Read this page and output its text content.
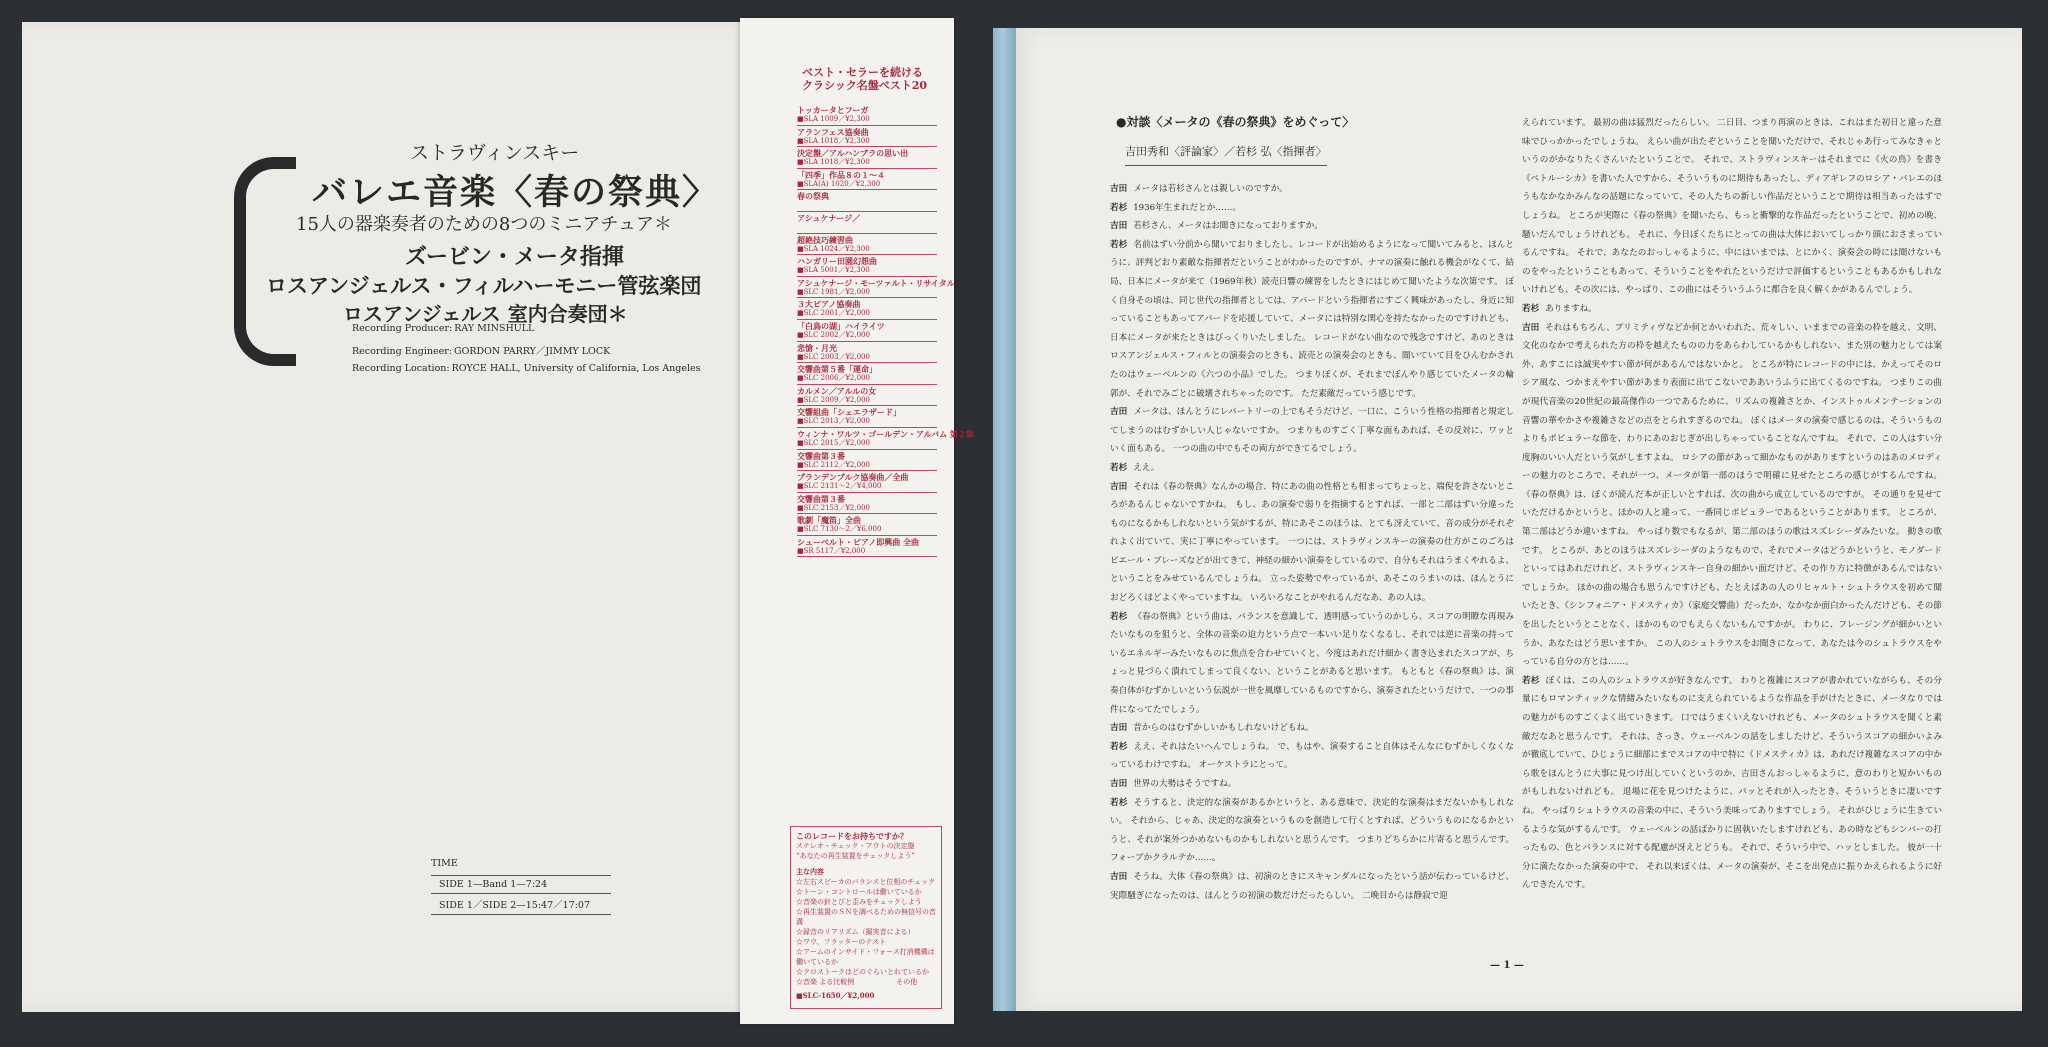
ストラヴィンスキー
バレエ音楽〈春の祭典〉
15人の器楽奏者のための8つのミニアチュア＊
ズービン・メータ指揮
ロスアンジェルス・フィルハーモニー管弦楽団
ロスアンジェルス 室内合奏団＊
Recording Producer: RAY MINSHULL
Recording Engineer: GORDON PARRY／JIMMY LOCK
Recording Location: ROYCE HALL, University of California, Los Angeles
TIME
SIDE 1—Band 1—7:24
SIDE 1／SIDE 2—15:47／17:07
ベスト・セラーを続ける
クラシック名盤ベスト20
トッカータとフーガ
■SLA 1009／¥2,300
アランフェス協奏曲
■SLA 1018／¥2,300
決定盤／アルハンブラの思い出
■SLA 1018／¥2,300
「四季」作品８の１〜４
■SLA(A) 1020／¥2,300
春の祭典
アシュケナージ／
超絶技巧練習曲
■SLA 1024／¥2,300
ハンガリー田園幻想曲
■SLA 5001／¥2,300
アシュケナージ・モーツァルト・リサイタル
■SLC 1981／¥2,000
３大ピアノ協奏曲
■SLC 2001／¥2,000
「白鳥の湖」ハイライツ
■SLC 2002／¥2,000
悲愴・月光
■SLC 2003／¥2,000
交響曲第５番「運命」
■SLC 2006／¥2,000
カルメン／アルルの女
■SLC 2009／¥2,000
交響組曲「シェエラザード」
■SLC 2013／¥2,000
ウィンナ・ワルツ・ゴールデン・アルバム 第２集
■SLC 2015／¥2,000
交響曲第３番
■SLC 2112／¥2,000
ブランデンブルク協奏曲／全曲
■SLC 2131〜2／¥4,000
交響曲第３番
■SLC 2153／¥2,000
歌劇「魔笛」全曲
■SLC 7130〜2／¥6,000
シューベルト・ピアノ即興曲 全曲
■SR 5117／¥2,000
このレコードをお持ちですか？
ステレオ・チェック・アウトの決定盤
“あなたの再生装置をチェックしよう”
主な内容
☆左右スピーカのバランスと位相のチェック
☆トーン・コントロールは働いているか
☆音楽の針とびと歪みをチェックしよう
☆再生装置のＳＮを調べるための無信号の音溝
☆録音のリアリズム（擬実音による）
☆ワウ、フラッターのテスト
☆アームのインサイド・フォース打消機構は働いているか
☆クロストークはどのぐらいとれているか
☆音楽 よる比較例　　　　　　その他
■SLC-1650／¥2,000
●対談〈メータの《春の祭典》をめぐって〉
吉田秀和〈評論家〉／若杉 弘〈指揮者〉

吉田 メータは若杉さんとは親しいのですか。

若杉 1936年生まれだとか……。

吉田 若杉さん、メータはお聞きになっておりますか。

若杉 名前はずい分前から聞いておりましたし、レコードが出始めるようになって聞いてみると、ほんとうに、評判どおり素敵な指揮者だということがわかったのですが、ナマの演奏に触れる機会がなくて、結局、日本にメータが来て（1969年秋）読売日響の練習をしたときにはじめて聞いたような次第です。 ぼく自身その頃は、同じ世代の指揮者としては、アバードという指揮者にすごく興味があったし、身近に知っていることもあってアバードを応援していて、メータには特別な関心を持たなかったのですけれども、日本にメータが来たときはびっくりいたしました。 レコードがない曲なので残念ですけど、あのときはロスアンジェルス・フィルとの演奏会のときも、読売との演奏会のときも、聞いていて目をひんむかされたのはウェーベルンの《六つの小品》でした。 つまりぼくが、それまでぼんやり感じていたメータの輪郭が、それでみごとに破壊されちゃったのです。 ただ素敵だっていう感じです。

吉田 メータは、ほんとうにレパートリーの上でもそうだけど、一口に、こういう性格の指揮者と規定してしまうのはむずかしい人じゃないですか。 つまりものすごく丁寧な面もあれば、その反対に、ワッといく面もある。 一つの曲の中でもその両方ができてるでしょう。

若杉 ええ。

吉田 それは《春の祭典》なんかの場合、特にあの曲の性格とも相まってちょっと、端倪を許さないところがあるんじゃないですかね。 もし、あの演奏で弱りを指摘するとすれば、一部と二部はずい分違ったものになるかもしれないという気がするが、特にあそこのほうは、とても冴えていて、音の成分がそれぞれよく出ていて、実に丁寧にやっています。 一つには、ストラヴィンスキーの演奏の仕方がこのごろはピエール・ブレーズなどが出てきて、神経の細かい演奏をしているので、自分もそれはうまくやれるよ、ということをみせているんでしょうね。 立った姿勢でやっているが、あそこのうまいのは、ほんとうにおどろくほどよくやっていますね。 いろいろなことがやれるんだなあ、あの人は。

若杉 《春の祭典》という曲は、バランスを意識して、透明感っていうのかしら、スコアの明瞭な再現みたいなものを狙うと、全体の音楽の迫力という点で一本いい足りなくなるし、それでは逆に音楽の持っているエネルギーみたいなものに焦点を合わせていくと、今度はあれだけ細かく書き込まれたスコアが、ちょっと見づらく潰れてしまって良くない、ということがあると思います。 もともと《春の祭典》は、演奏自体がむずかしいという伝説が一世を風靡しているものですから、演奏されたというだけで、一つの事件になってたでしょう。

吉田 昔からのはむずかしいかもしれないけどもね。

若杉 ええ、それはたいへんでしょうね。 で、もはや、演奏すること自体はそんなにむずかしくなくなっているわけですね。 オーケストラにとって。

吉田 世界の大勢はそうですね。

若杉 そうすると、決定的な演奏があるかというと、ある意味で、決定的な演奏はまだないかもしれない。 それから、じゃあ、決定的な演奏というものを創造して行くとすれば、どういうものになるかというと、それが案外つかめないものかもしれないと思うんです。 つまりどちらかに片寄ると思うんです。 フォーブかクラルテか……。

吉田 そうね。大体《春の祭典》は、初演のときにスキャンダルになったという話が伝わっているけど、実際騒ぎになったのは、ほんとうの初演の数だけだったらしい。 二晩目からは静寂で迎

えられています。 最初の曲は猛烈だったらしい。 二日目、つまり再演のときは、これはまた初日と違った意味でひっかかったでしょうね。 えらい曲が出たぞということを聞いただけで、それじゃあ行ってみなきゃというのがかなりたくさんいたということで。 それで、ストラヴィンスキーはそれまでに《火の鳥》を書き《ペトルーシカ》を書いた人ですから、そういうものに期待もあったし、ディアギレフのロシア・バレエのほうもなかなかみんなの話題になっていて、その人たちの新しい作品だということで期待は相当あったはずでしょうね。 ところが実際に《春の祭典》を聞いたら、もっと衝撃的な作品だったということで、初めの晩、騒いだんでしょうけれども。 それに、今日ぼくたちにとっての曲は大体においてしっかり頭におさまっているんですね。 それで、あなたのおっしゃるように、中にはいまでは、とにかく、演奏会の時には聞けないものをやったということもあって、そういうことをやれたというだけで評価するということもあるかもしれないけれども、その次には、やっぱり、この曲にはそういうふうに都合を良く解くかがあるんでしょう。

若杉 ありますね。

吉田 それはもちろん、プリミティヴなどか何とかいわれた、荒々しい、いままでの音楽の枠を越え、文明、文化のなかで考えられた方の枠を越えたものの力をあらわしているかもしれない、また別の魅力としては案外、あすこには誠実やすい節が何があるんではないかと。 ところが特にレコードの中には、かえってそのロシア風な、つかまえやすい節があまり表面に出てこないでああいうふうに出てくるのですね。 つまりこの曲が現代音楽の20世紀の最高傑作の一つであるために、リズムの複雑さとか、インストゥルメンテーションの音響の華やかさや複雑さなどの点をとられすぎるのでね。 ぼくはメータの演奏で感じるのは、そういうものよりもポピュラーな節を、わりにあのおじぎが出しちゃっていることなんですね。 それで、この人はすい分度胸のいい人だという気がしますよね。 ロシアの節があって細かなものがありますというのはあのメロディーの魅力のところで、それが一つ、メータが第一部のほうで明確に見せたところの感じがするんですね。 《春の祭典》は、ぼくが読んだ本が正しいとすれば、次の曲から成立しているのですが。 その通りを見せていただけるかというと、ほかの人と違って、一番同じポピュラーであるということがあります。 ところが、第二部はどうか違いますね。 やっぱり数でもなるが、第二部のほうの歌はスズレシーダみたいな。 動きの歌です。 ところが、あとのほうはスズレシーダのようなもので、それでメータはどうかというと、モノダードといってはあれだけれど、ストラヴィンスキー自身の細かい面だけど、その作り方に特徴があるんではないでしょうか。 ほかの曲の場合も思うんですけども、たとえばあの人のリヒャルト・シュトラウスを初めて聞いたとき、《シンフォニア・ドメスティカ》（家庭交響曲）だったか、なかなか面白かったんだけども、その節を出したというとことなく、ほかのものでもえらくないもんですかが。 わりに、フレージングが細かいというか、あなたはどう思いますか。 この人のシュトラウスをお聞きになって、あなたは今のシュトラウスをやっている自分の方とは……。

若杉 ぼくは、この人のシュトラウスが好きなんです。 わりと複雑にスコアが書かれていながらも、その分量にもロマンティックな情緒みたいなものに支えられているような作品を手がけたときに、メータなりではの魅力がものすごくよく出ていきます。 口ではうまくいえないけれども、メータのシュトラウスを聞くと素敵だなあと思うんです。 それは、さっき、ウェーベルンの話をしましたけど、そういうスコアの細かいよみが徹底していて、ひじょうに細部にまでスコアの中で特に《ドメスティカ》は、あれだけ複雑なスコアの中から歌をほんとうに大事に見つけ出していくというのか、吉田さんおっしゃるように、意のわりと短かいものがもしれないけれども。 退場に花を見つけたように、パッとそれが入ったとき、そういうときに凄いですね。 やっぱりシュトラウスの音楽の中に、そういう美味ってありますでしょう。 それがひじょうに生きているような気がするんです。 ウェーベルンの話ばかりに固執いたしますけれども、あの時などもシンバーの打ったもの、色とバランスに対する配慮が冴えとどうも。 それで、そういう中で、ハッとしました。 彼が一十分に満たなかった演奏の中で、 それ以来ぼくは、メータの演奏が、そこを出発点に振りかえられるように好んできたんです。

— 1 —
